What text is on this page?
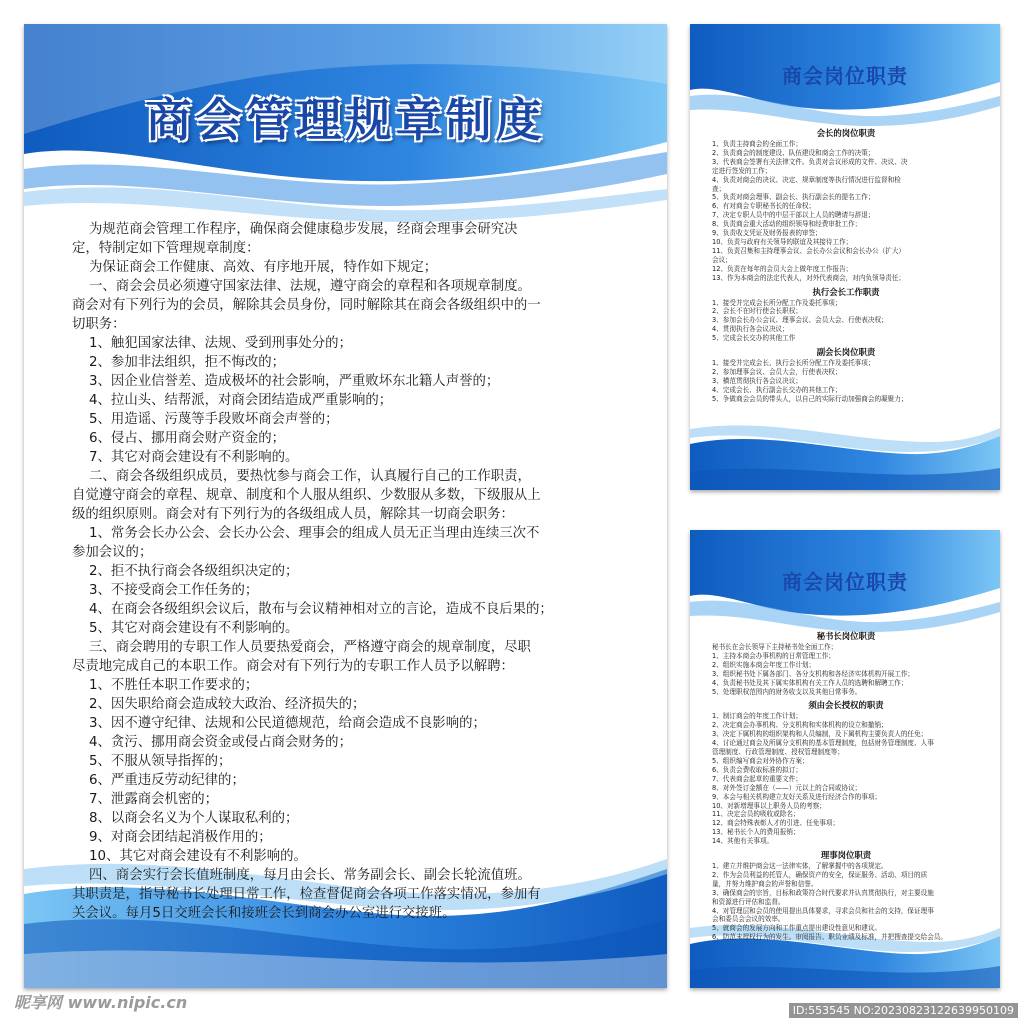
商会管理规章制度
为规范商会管理工作程序，确保商会健康稳步发展，经商会理事会研究决
定，特制定如下管理规章制度：
为保证商会工作健康、高效、有序地开展，特作如下规定；
一、商会会员必须遵守国家法律、法规，遵守商会的章程和各项规章制度。
商会对有下列行为的会员，解除其会员身份，同时解除其在商会各级组织中的一
切职务：
1、触犯国家法律、法规、受到刑事处分的；
2、参加非法组织，拒不悔改的；
3、因企业信誉差、造成极坏的社会影响，严重败坏东北籍人声誉的；
4、拉山头、结帮派，对商会团结造成严重影响的；
5、用造谣、污蔑等手段败坏商会声誉的；
6、侵占、挪用商会财产资金的；
7、其它对商会建设有不利影响的。
二、商会各级组织成员，要热忱参与商会工作，认真履行自己的工作职责，
自觉遵守商会的章程、规章、制度和个人服从组织、少数服从多数，下级服从上
级的组织原则。商会对有下列行为的各级组成人员，解除其一切商会职务：
1、常务会长办公会、会长办公会、理事会的组成人员无正当理由连续三次不
参加会议的；
2、拒不执行商会各级组织决定的；
3、不接受商会工作任务的；
4、在商会各级组织会议后，散布与会议精神相对立的言论，造成不良后果的；
5、其它对商会建设有不利影响的。
三、商会聘用的专职工作人员要热爱商会，严格遵守商会的规章制度，尽职
尽责地完成自己的本职工作。商会对有下列行为的专职工作人员予以解聘：
1、不胜任本职工作要求的；
2、因失职给商会造成较大政治、经济损失的；
3、因不遵守纪律、法规和公民道德规范，给商会造成不良影响的；
4、贪污、挪用商会资金或侵占商会财务的；
5、不服从领导指挥的；
6、严重违反劳动纪律的；
7、泄露商会机密的；
8、以商会名义为个人谋取私利的；
9、对商会团结起消极作用的；
10、其它对商会建设有不利影响的。
四、商会实行会长值班制度，每月由会长、常务副会长、副会长轮流值班。
其职责是，指导秘书长处理日常工作，检查督促商会各项工作落实情况，参加有
关会议。每月5日交班会长和接班会长到商会办公室进行交接班。
商会岗位职责
会长的岗位职责
1、负责主持商会的全面工作；
2、负责商会的制度建设、队伍建设和商会工作的决策；
3、代表商会签署有关法律文件。负责对会议形成的文件、决议、决
定进行签发的工作；
4、负责对商会的决议、决定、规章制度等执行情况进行监督和检
查；
5、负责对商会理事、副会长、执行副会长的提名工作；
6、有对商会专职秘书长的任命权；
7、决定专职人员中的中层干部以上人员的聘请与辞退；
8、负责商会重大活动的组织领导和经费审批工作；
9、负责收支凭证及财务报表的审签；
10、负责与政府有关领导的联谊及其接待工作；
11、负责召集和主持理事会议、会长办公会议和会长办公（扩大）
会议；
12、负责在每年的会员大会上做年度工作报告；
13、作为本商会的法定代表人，对外代表商会，对内负领导责任；
执行会长工作职责
1、接受并完成会长所分配工作及委托事项；
2、会长不在时行使会长职权；
3、参加会长办公会议、理事会议、会员大会、行使表决权；
4、贯彻执行各会议决议；
5、完成会长交办的其他工作
副会长岗位职责
1、接受并完成会长、执行会长所分配工作及委托事项；
2、参加理事会议、会员大会，行使表决权；
3、横范贯彻执行各会议决议；
4、完成会长、执行副会长交办的其他工作；
5、争做商会会员的带头人，以自己的实际行动加强商会的凝聚力；
商会岗位职责
秘书长岗位职责
秘书长在会长领导下主持秘书处全面工作；
1、主持本商会办事机构的日常管理工作；
2、组织实施本商会年度工作计划；
3、组织秘书处下属各部门、各分支机构和各经济实体机构开展工作；
4、负责秘书处及其下属实体机构有关工作人员的选聘和解聘工作；
5、处理职权范围内的财务收支以及其他日常事务。
须由会长授权的职责
1、制订商会的年度工作计划；
2、决定商会办事机构、分支机构和实体机构的设立和撤销；
3、决定下属机构的组织架构和人员编制，及下属机构主要负责人的任免；
4、讨论通过商会及所属分支机构的基本管理制度，包括财务管理制度、人事
管理制度、行政管理制度、授权管理制度等；
5、组织编写商会对外协作方案；
6、负责会费收取标准的拟订；
7、代表商会起草的重要文件；
8、对外签订金额在（——）元以上的合同或协议；
9、本会与相关机构建立友好关系及进行经济合作的事项；
10、对新增理事以上职务人员的考察；
11、决定会员的吸收或除名；
12、商会特殊表彰人才的引进、任免事项；
13、秘书长个人的费用报销；
14、其他有关事项。
理事岗位职责
1、建立并维护商会这一法律实体，了解掌握中的各项规定。
2、作为会员利益的托管人，确保资产的安全，保证服务、活动、项目的质
量，并努力维护商会的声誉和信誉。
3、确保商会的宗旨，目标和政策符合时代要求并认真贯彻执行，对主要设施
和资源进行评估和监督。
4、对管理层和会员的使用提出具体要求，寻求会员和社会的支持，保证理事
会和委员会会议的效率。
5、就商会的发展方向和工作重点提出建设性意见和建议。
6、防范未授权行为的发生。审阅报告、职员业绩及标准，并把搜查提交给会员。
昵享网 www.nipic.cn	ID:553545 NO:20230823122639950109
